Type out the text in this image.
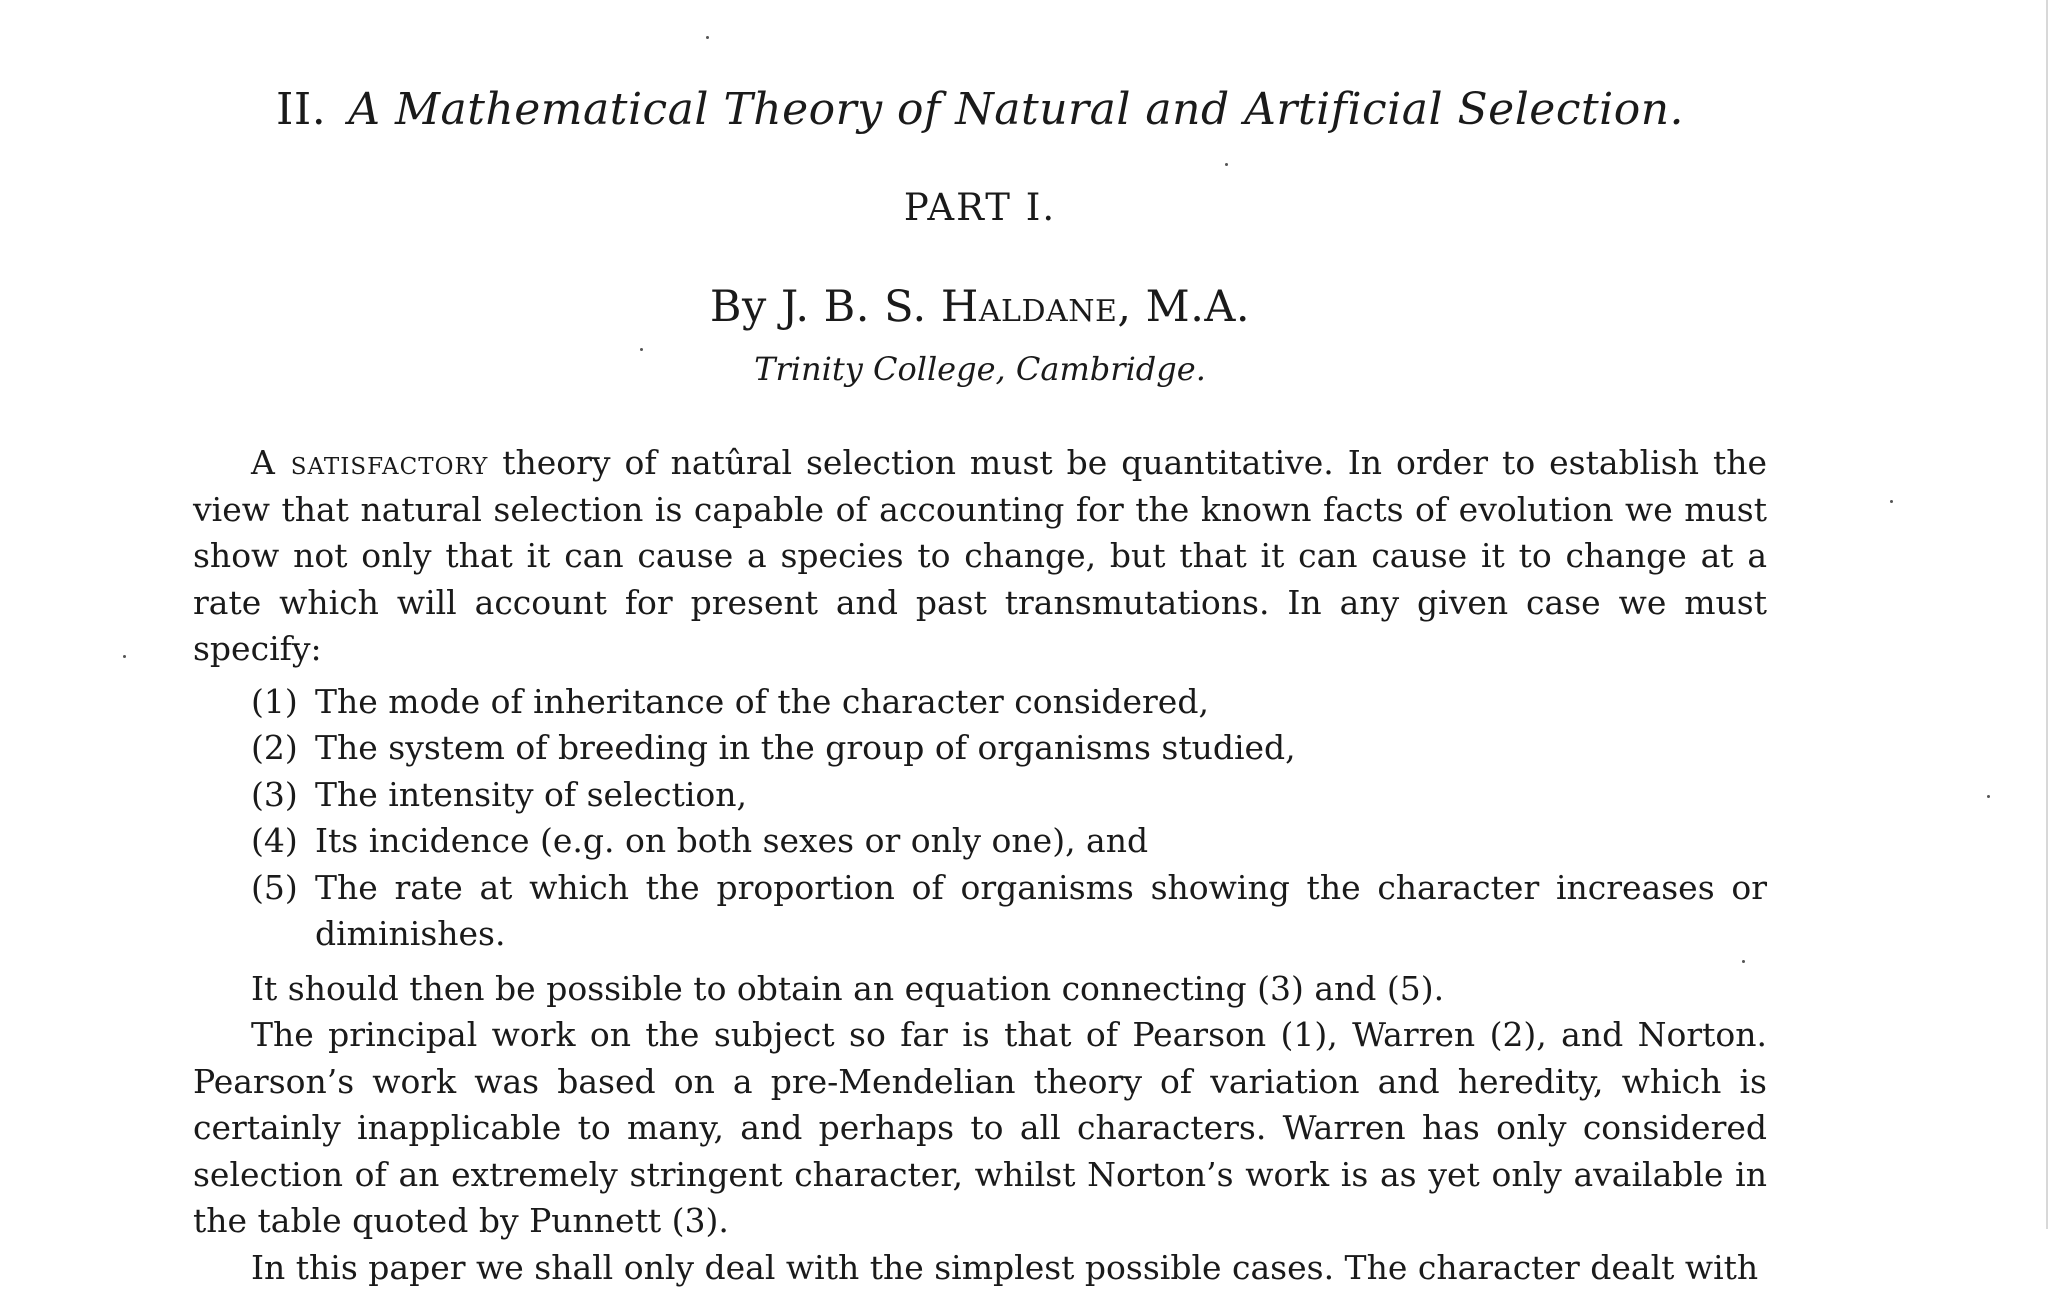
II. A Mathematical Theory of Natural and Artificial Selection.
PART I.
By J. B. S. Haldane, M.A.
Trinity College, Cambridge.

A satisfactory theory of natûral selection must be quantitative. In order to establish the view that natural selection is capable of accounting for the known facts of evolution we must show not only that it can cause a species to change, but that it can cause it to change at a rate which will account for present and past transmutations. In any given case we must specify:

(1) The mode of inheritance of the character considered,
(2) The system of breeding in the group of organisms studied,
(3) The intensity of selection,
(4) Its incidence (e.g. on both sexes or only one), and
(5) The rate at which the proportion of organisms showing the character increases or diminishes.

It should then be possible to obtain an equation connecting (3) and (5).

The principal work on the subject so far is that of Pearson (1), Warren (2), and Norton. Pearson’s work was based on a pre-Mendelian theory of variation and heredity, which is certainly inapplicable to many, and perhaps to all characters. Warren has only considered selection of an extremely stringent character, whilst Norton’s work is as yet only available in the table quoted by Punnett (3).

In this paper we shall only deal with the simplest possible cases. The character dealt with
